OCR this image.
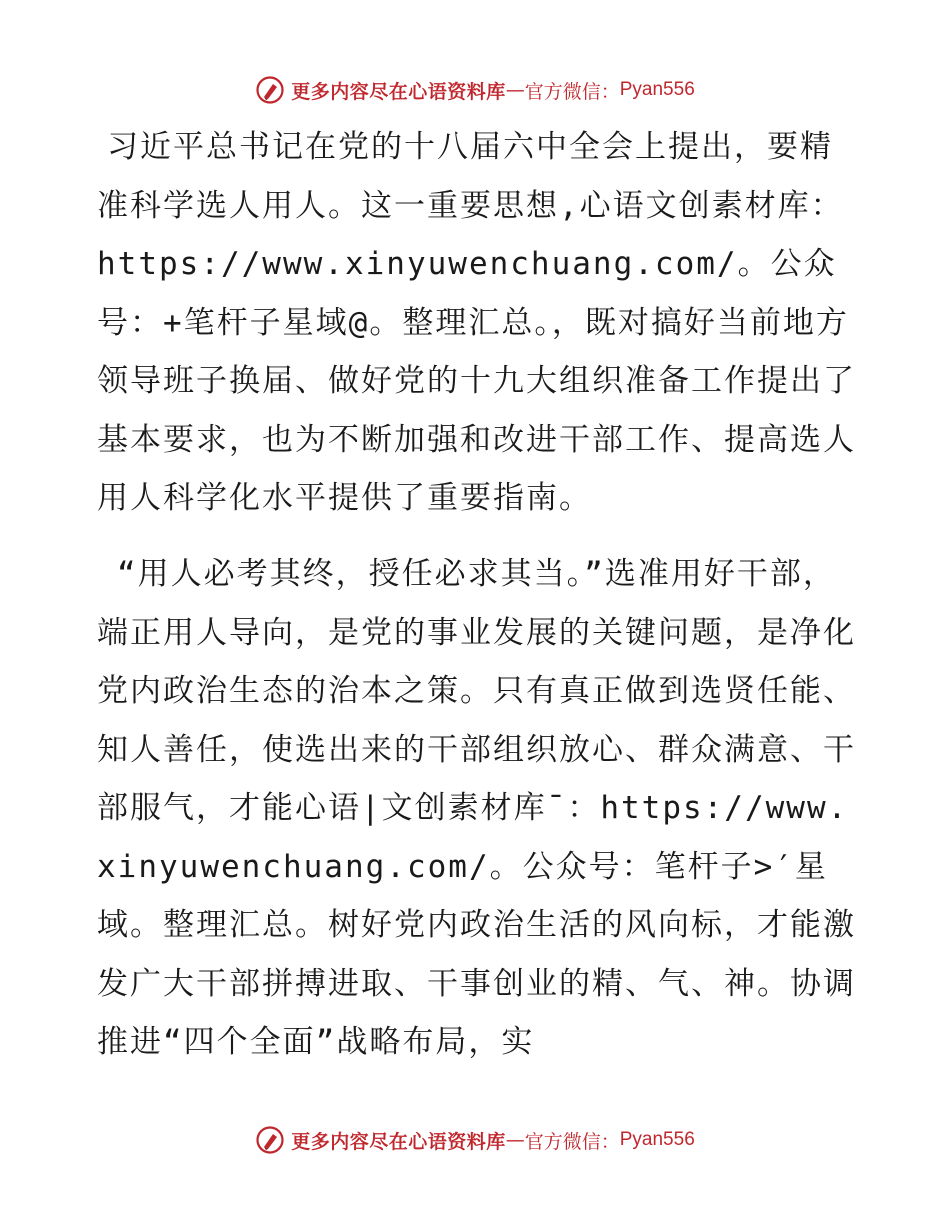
更多内容尽在心语资料库 — 官方微信： Pyan556

习近平总书记在党的十八届六中全会上提出，要精准科学选人用人。这一重要思想,心语文创素材库：https://www.xinyuwenchuang.com/。公众号：+笔杆子星域@。整理汇总。，既对搞好当前地方领导班子换届、做好党的十九大组织准备工作提出了基本要求，也为不断加强和改进干部工作、提高选人用人科学化水平提供了重要指南。

“用人必考其终，授任必求其当。”选准用好干部，端正用人导向，是党的事业发展的关键问题，是净化党内政治生态的治本之策。只有真正做到选贤任能、知人善任，使选出来的干部组织放心、群众满意、干部服气，才能心语|文创素材库¯：https://www.xinyuwenchuang.com/。公众号：笔杆子>′星域。整理汇总。树好党内政治生活的风向标，才能激发广大干部拼搏进取、干事创业的精、气、神。协调推进“四个全面”战略布局，实

更多内容尽在心语资料库 — 官方微信： Pyan556
